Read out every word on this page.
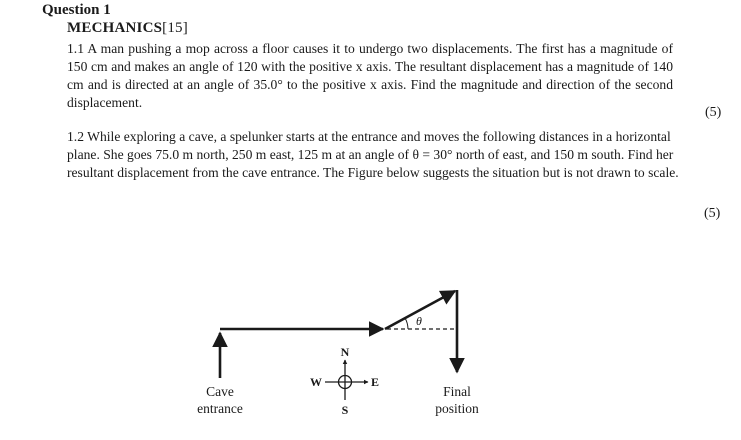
Question 1
MECHANICS[15]
1.1 A man pushing a mop across a floor causes it to undergo two displacements. The first has a magnitude of 150 cm and makes an angle of 120 with the positive x axis. The resultant displacement has a magnitude of 140 cm and is directed at an angle of 35.0° to the positive x axis. Find the magnitude and direction of the second displacement.
(5)
1.2 While exploring a cave, a spelunker starts at the entrance and moves the following distances in a horizontal plane. She goes 75.0 m north, 250 m east, 125 m at an angle of θ = 30° north of east, and 150 m south. Find her resultant displacement from the cave entrance. The Figure below suggests the situation but is not drawn to scale.
(5)
θ
N
S
W	E
Cave
entrance
Final
position
